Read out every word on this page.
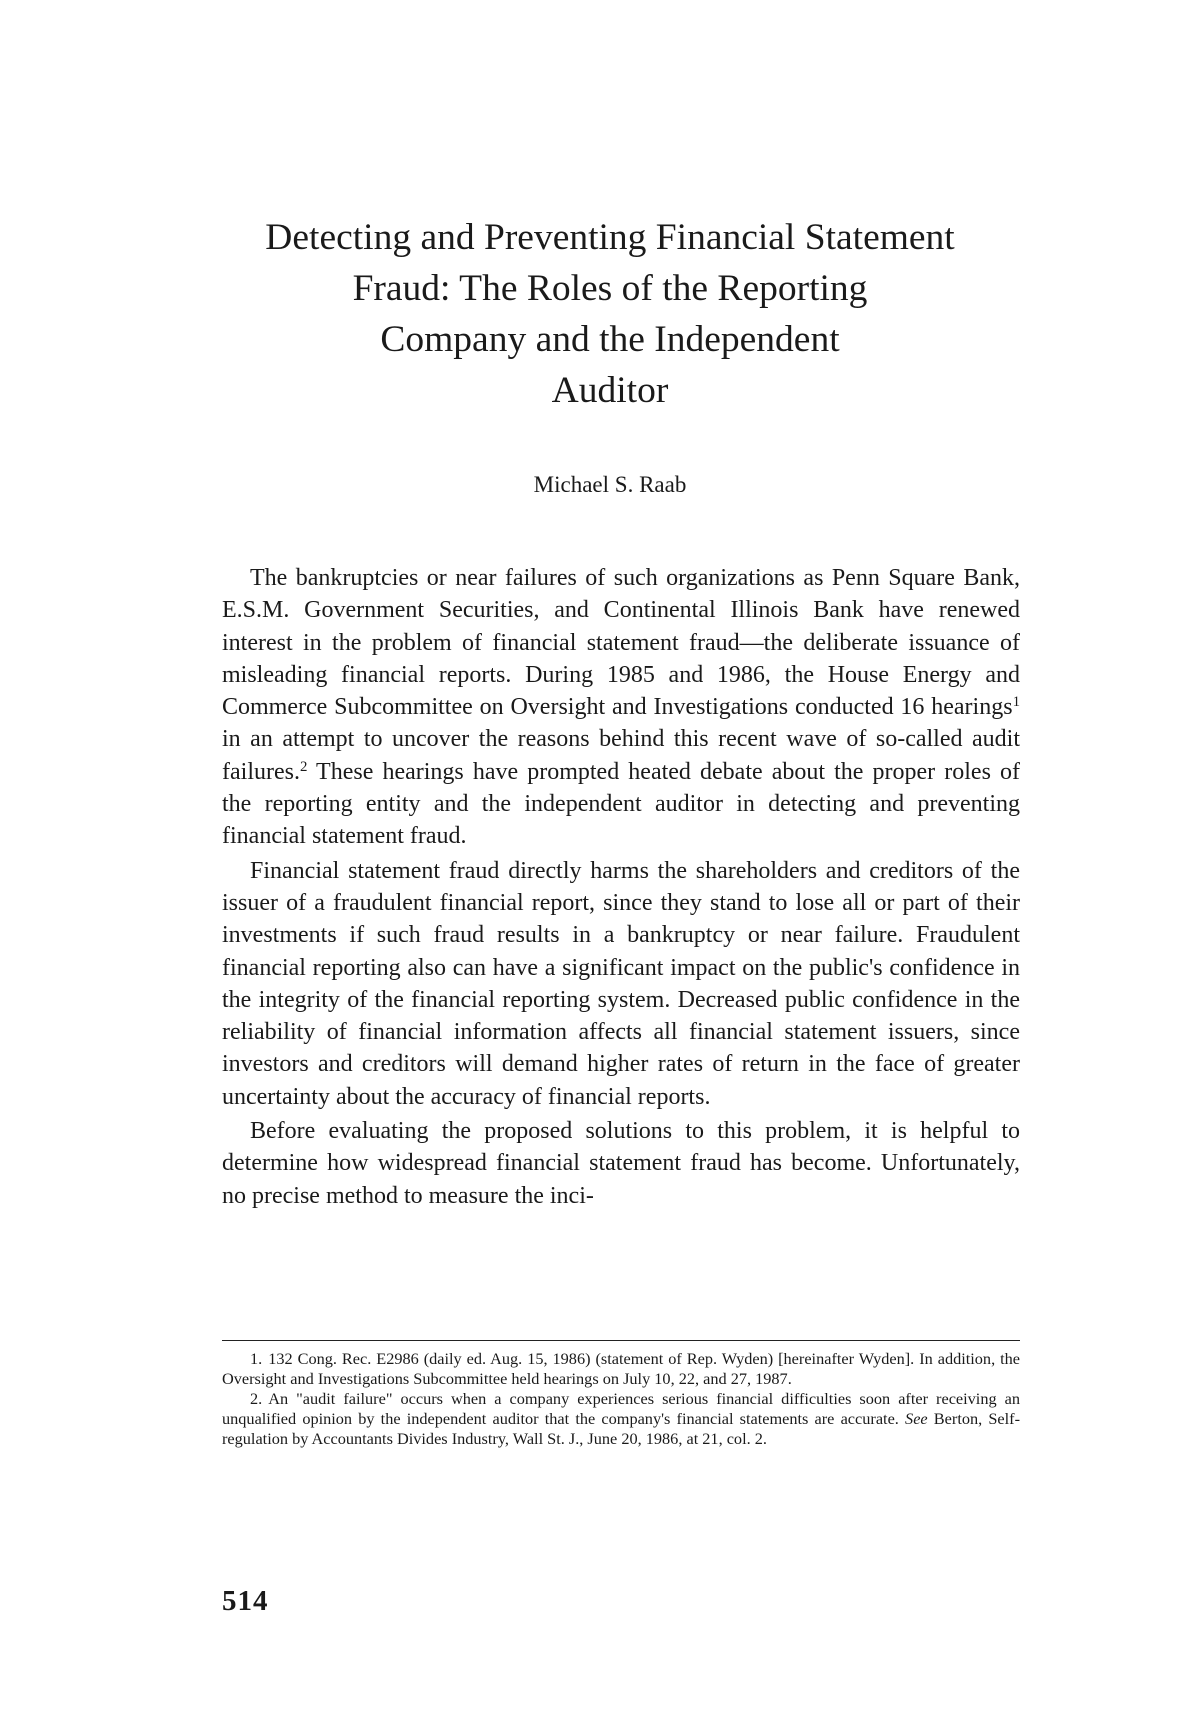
Detecting and Preventing Financial Statement
Fraud: The Roles of the Reporting
Company and the Independent
Auditor
Michael S. Raab

The bankruptcies or near failures of such organizations as Penn Square Bank, E.S.M. Government Securities, and Continental Illinois Bank have renewed interest in the problem of financial statement fraud—the deliberate issuance of misleading financial reports. During 1985 and 1986, the House Energy and Commerce Subcommittee on Oversight and Investigations conducted 16 hearings$^1$ in an attempt to uncover the reasons behind this recent wave of so-called audit failures.$^2$ These hearings have prompted heated debate about the proper roles of the reporting entity and the independent auditor in detecting and preventing financial statement fraud.

Financial statement fraud directly harms the shareholders and creditors of the issuer of a fraudulent financial report, since they stand to lose all or part of their investments if such fraud results in a bankruptcy or near failure. Fraudulent financial reporting also can have a significant impact on the public's confidence in the integrity of the financial reporting system. Decreased public confidence in the reliability of financial information affects all financial statement issuers, since investors and creditors will demand higher rates of return in the face of greater uncertainty about the accuracy of financial reports.

Before evaluating the proposed solutions to this problem, it is helpful to determine how widespread financial statement fraud has become. Unfortunately, no precise method to measure the inci-

1. 132 Cong. Rec. E2986 (daily ed. Aug. 15, 1986) (statement of Rep. Wyden) [hereinafter Wyden]. In addition, the Oversight and Investigations Subcommittee held hearings on July 10, 22, and 27, 1987.

2. An "audit failure" occurs when a company experiences serious financial difficulties soon after receiving an unqualified opinion by the independent auditor that the company's financial statements are accurate. See Berton, Self-regulation by Accountants Divides Industry, Wall St. J., June 20, 1986, at 21, col. 2.

514
